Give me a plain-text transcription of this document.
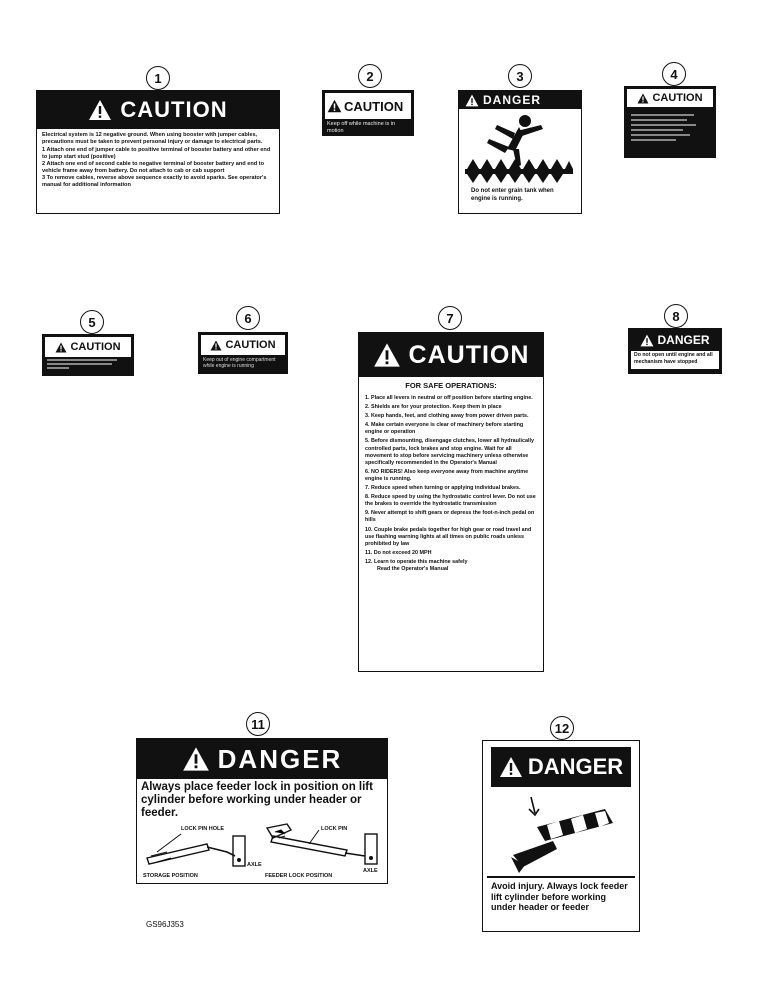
1	2	3	4
5	6	7	8
11	12
CAUTION
Electrical system is 12 negative ground. When using booster with jumper cables, precautions must be taken to prevent personal injury or damage to electrical parts.
1 Attach one end of jumper cable to positive terminal of booster battery and other end to jump start stud (positive)
2 Attach one end of second cable to negative terminal of booster battery and end to vehicle frame away from battery. Do not attach to cab or cab support
3 To remove cables, reverse above sequence exactly to avoid sparks. See operator's manual for additional information
CAUTION
Keep off while machine is in motion
DANGER
Do not enter grain tank when engine is running.
CAUTION
CAUTION	CAUTION
Keep out of engine compartment while engine is running	CAUTION
FOR SAFE OPERATIONS:
1. Place all levers in neutral or off position before starting engine.
2. Shields are for your protection. Keep them in place
3. Keep hands, feet, and clothing away from power driven parts.
4. Make certain everyone is clear of machinery before starting engine or operation
5. Before dismounting, disengage clutches, lower all hydraulically controlled parts, lock brakes and stop engine. Wait for all movement to stop before servicing machinery unless otherwise specifically recommended in the Operator's Manual
6. NO RIDERS! Also keep everyone away from machine anytime engine is running.
7. Reduce speed when turning or applying individual brakes.
8. Reduce speed by using the hydrostatic control lever. Do not use the brakes to override the hydrostatic transmission
9. Never attempt to shift gears or depress the foot-n-inch pedal on hills
10. Couple brake pedals together for high gear or road travel and use flashing warning lights at all times on public roads unless prohibited by law
11. Do not exceed 20 MPH
12. Learn to operate this machine safely
Read the Operator's Manual
DANGER
Do not open until engine and all mechanism have stopped
DANGER
Always place feeder lock in position on lift cylinder before working under header or feeder.
LOCK PIN HOLE	LOCK PIN
AXLE
AXLE
STORAGE POSITION	FEEDER LOCK POSITION
DANGER
Avoid injury. Always lock feeder lift cylinder before working under header or feeder
GS96J353
